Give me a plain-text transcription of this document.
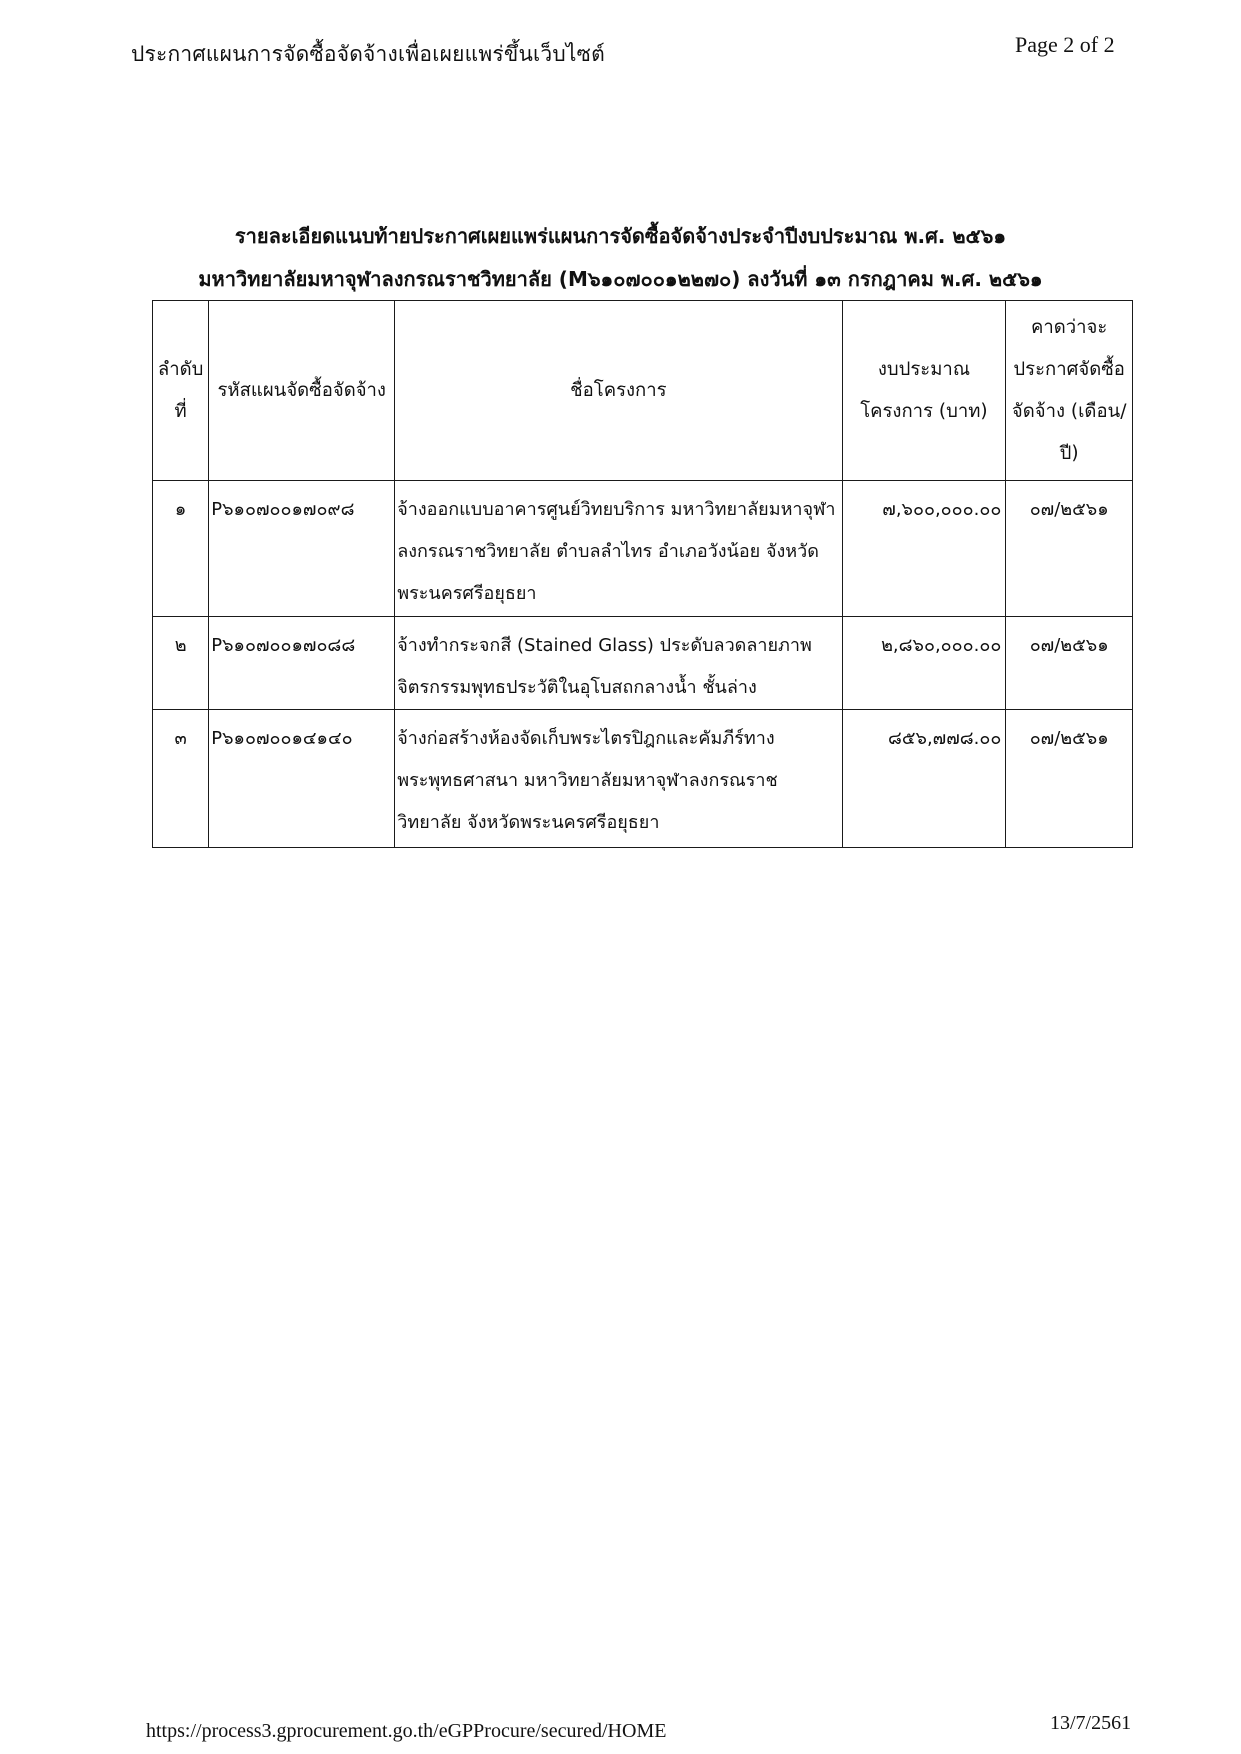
ประกาศแผนการจัดซื้อจัดจ้างเพื่อเผยแพร่ขึ้นเว็บไซต์	Page 2 of 2
รายละเอียดแนบท้ายประกาศเผยแพร่แผนการจัดซื้อจัดจ้างประจำปีงบประมาณ พ.ศ. ๒๕๖๑
มหาวิทยาลัยมหาจุฬาลงกรณราชวิทยาลัย (M๖๑๐๗๐๐๑๒๒๗๐) ลงวันที่ ๑๓ กรกฎาคม พ.ศ. ๒๕๖๑
ลำดับที่	รหัสแผนจัดซื้อจัดจ้าง	ชื่อโครงการ	งบประมาณโครงการ (บาท)	คาดว่าจะประกาศจัดซื้อจัดจ้าง (เดือน/ปี)
๑	P๖๑๐๗๐๐๑๗๐๙๘	จ้างออกแบบอาคารศูนย์วิทยบริการ มหาวิทยาลัยมหาจุฬาลงกรณราชวิทยาลัย ตำบลลำไทร อำเภอวังน้อย จังหวัดพระนครศรีอยุธยา	๗,๖๐๐,๐๐๐.๐๐	๐๗/๒๕๖๑
๒	P๖๑๐๗๐๐๑๗๐๘๘	จ้างทำกระจกสี (Stained Glass) ประดับลวดลายภาพจิตรกรรมพุทธประวัติในอุโบสถกลางน้ำ ชั้นล่าง	๒,๘๖๐,๐๐๐.๐๐	๐๗/๒๕๖๑
๓	P๖๑๐๗๐๐๑๔๑๔๐	จ้างก่อสร้างห้องจัดเก็บพระไตรปิฎกและคัมภีร์ทางพระพุทธศาสนา มหาวิทยาลัยมหาจุฬาลงกรณราชวิทยาลัย จังหวัดพระนครศรีอยุธยา	๘๕๖,๗๗๘.๐๐	๐๗/๒๕๖๑
https://process3.gprocurement.go.th/eGPProcure/secured/HOME	13/7/2561
